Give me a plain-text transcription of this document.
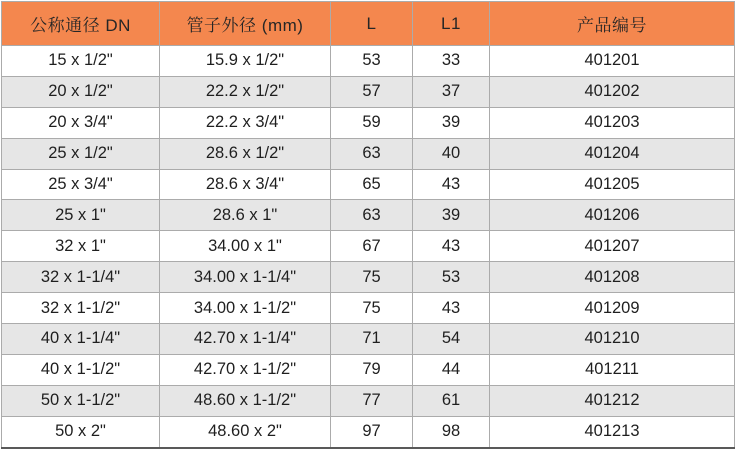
公称通径 DN	管子外径 (mm)	L	L1	产品编号
15 x 1/2"	15.9 x 1/2"	53	33	401201
20 x 1/2"	22.2 x 1/2"	57	37	401202
20 x 3/4"	22.2 x 3/4"	59	39	401203
25 x 1/2"	28.6 x 1/2"	63	40	401204
25 x 3/4"	28.6 x 3/4"	65	43	401205
25 x 1"	28.6 x 1"	63	39	401206
32 x 1"	34.00 x 1"	67	43	401207
32 x 1-1/4"	34.00 x 1-1/4"	75	53	401208
32 x 1-1/2"	34.00 x 1-1/2"	75	43	401209
40 x 1-1/4"	42.70 x 1-1/4"	71	54	401210
40 x 1-1/2"	42.70 x 1-1/2"	79	44	401211
50 x 1-1/2"	48.60 x 1-1/2"	77	61	401212
50 x 2"	48.60 x 2"	97	98	401213
